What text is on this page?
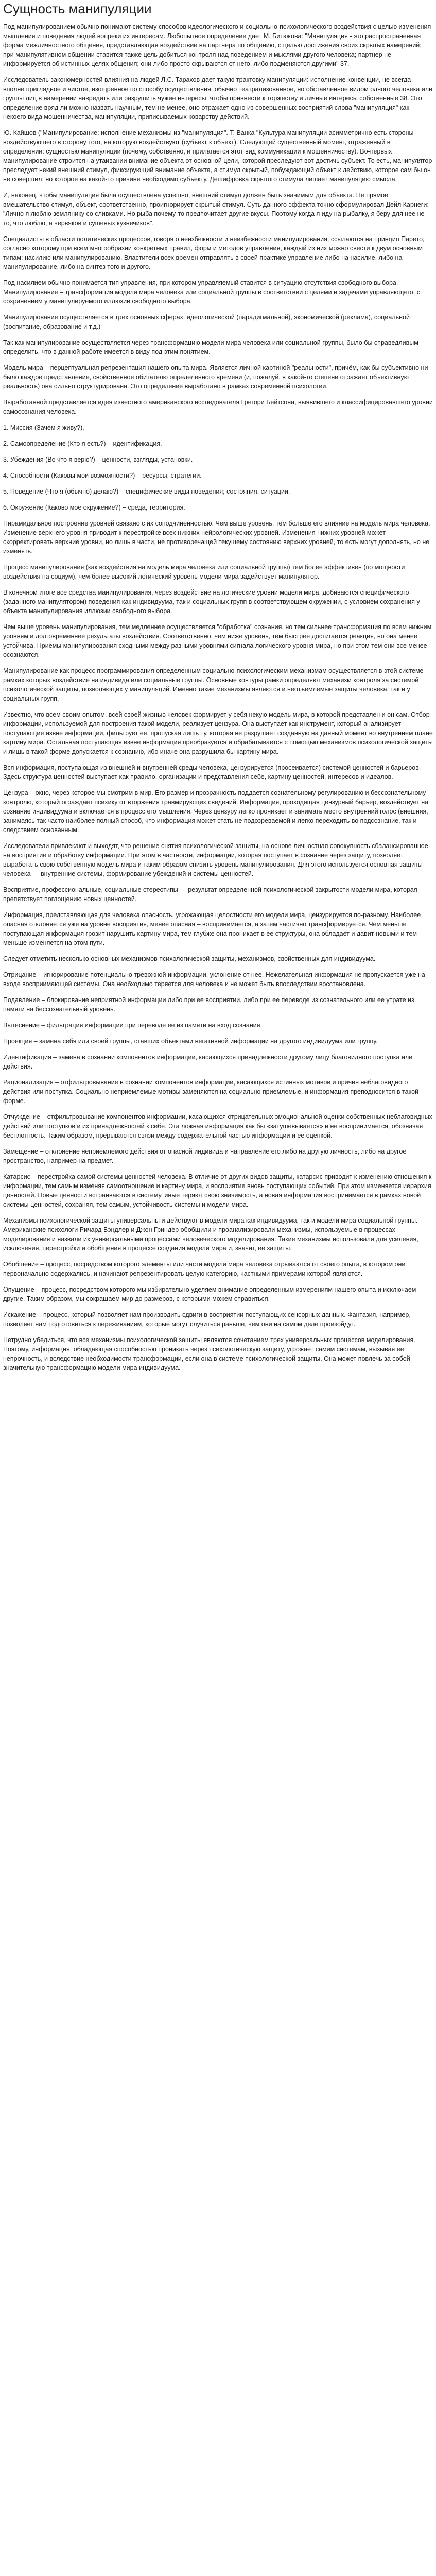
Сущность манипуляции

Под манипулированием обычно понимают систему способов идеологического и социально-психологического воздействия с целью изменения мышления и поведения людей вопреки их интересам. Любопытное определение дает М. Битюкова: "Манипуляция - это распространенная форма межличностного общения, представляющая воздействие на партнера по общению, с целью достижения своих скрытых намерений; при манипулятивном общении ставится также цель добиться контроля над поведением и мыслями другого человека; партнер не информируется об истинных целях общения; они либо просто скрываются от него, либо подменяются другими" 37.

Исследователь закономерностей влияния на людей Л.С. Тарахов дает такую трактовку манипуляции: исполнение конвенции, не всегда вполне приглядное и чистое, изощренное по способу осуществления, обычно театрализованное, но обставленное видом одного человека или группы лиц в намерении навредить или разрушить чужие интересы, чтобы привнести к торжеству и личные интересы собственные 38. Это определение вряд ли можно назвать научным, тем не менее, оно отражает одно из совершенных восприятий слова "манипуляция" как некоего вида мошенничества, манипуляции, приписываемых коварству действий.

Ю. Кайшов ("Манипулирование: исполнение механизмы из "манипуляция". Т. Ванка "Культура манипуляции асимметрично есть стороны воздействующего в сторону того, на которую воздействуют (субъект к объект). Следующей существенный момент, отраженный в определении: сущностью манипуляции (почему, собственно, и прилагается этот вид коммуникации к мошенничеству). Во-первых манипулирование строится на утаивании внимание объекта от основной цели, которой преследуют вот достичь субъект. То есть, манипулятор преследует некий внешний стимул, фиксирующий внимание объекта, а стимул скрытый, побуждающий объект к действию, которое сам бы он не совершил, но которое на какой-то причине необходимо субъекту. Дешифровка скрытого стимула лишает манипуляцию смысла.

И, наконец, чтобы манипуляция была осуществлена успешно, внешний стимул должен быть значимым для объекта. Не прямое вмешательство стимул, объект, соответственно, проигнорирует скрытый стимул. Суть данного эффекта точно сформулировал Дейл Карнеги: "Лично я люблю землянику со сливками. Но рыба почему-то предпочитает другие вкусы. Поэтому когда я иду на рыбалку, я беру для нее не то, что люблю, а червяков и сушеных кузнечиков".

Специалисты в области политических процессов, говоря о неизбежности и неизбежности манипулирования, ссылаются на принцип Парето, согласно которому при всем многообразии конкретных правил, форм и методов управления, каждый из них можно свести к двум основным типам: насилию или манипулированию. Властители всех времен отправлять в своей практике управление либо на насилие, либо на манипулирование, либо на синтез того и другого.

Под насилием обычно понимается тип управления, при котором управляемый ставится в ситуацию отсутствия свободного выбора. Манипулирование – трансформация модели мира человека или социальной группы в соответствии с целями и задачами управляющего, с сохранением у манипулируемого иллюзии свободного выбора.

Манипулирование осуществляется в трех основных сферах: идеологической (парадигмальной), экономической (реклама), социальной (воспитание, образование и т.д.)

Так как манипулирование осуществляется через трансформацию модели мира человека или социальной группы, было бы справедливым определить, что в данной работе имеется в виду под этим понятием.

Модель мира – перцептуальная репрезентация нашего опыта мира. Является личной картиной "реальности", причём, как бы субъективно ни было каждое представление, свойственное обитателю определенного времени (и, пожалуй, в какой-то степени отражает объективную реальность) она сильно структурирована. Это определение выработано в рамках современной психологии.

Выработанной представляется идея известного американского исследователя Грегори Бейтсона, выявившего и классифицировавшего уровни самосознания человека.

1. Миссия (Зачем я живу?).

2. Самоопределение (Кто я есть?) – идентификация.

3. Убеждения (Во что я верю?) – ценности, взгляды, установки.

4. Способности (Каковы мои возможности?) – ресурсы, стратегии.

5. Поведение (Что я (обычно) делаю?) – специфические виды поведения; состояния, ситуации.

6. Окружение (Каково мое окружение?) – среда, территория.

Пирамидальное построение уровней связано с их соподчиненностью. Чем выше уровень, тем больше его влияние на модель мира человека. Изменение верхнего уровня приводит к перестройке всех нижних нейрологических уровней. Изменения нижних уровней может скорректировать верхние уровни, но лишь в части, не противоречащей текущему состоянию верхних уровней, то есть могут дополнять, но не изменять.

Процесс манипулирования (как воздействия на модель мира человека или социальной группы) тем более эффективен (по мощности воздействия на социум), чем более высокий логический уровень модели мира задействует манипулятор.

В конечном итоге все средства манипулирования, через воздействие на логические уровни модели мира, добиваются специфического (заданного манипулятором) поведения как индивидуума, так и социальных групп в соответствующем окружении, с условием сохранения у объекта манипулирования иллюзии свободного выбора.

Чем выше уровень манипулирования, тем медленнее осуществляется "обработка" сознания, но тем сильнее трансформация по всем нижним уровням и долговременнее результаты воздействия. Соответственно, чем ниже уровень, тем быстрее достигается реакция, но она менее устойчива. Приёмы манипулирования сходными между разными уровнями сигнала логического уровня мира, но при этом тем они все менее осознаются.

Манипулирование как процесс программирования определенным социально-психологическим механизмам осуществляется в этой системе рамках которых воздействие на индивида или социальные группы. Основные контуры рамки определяют механизм контроля за системой психологической защиты, позволяющих у манипуляций. Именно такие механизмы являются и неотъемлемые защиты человека, так и у социальных групп.

Известно, что всем своим опытом, всей своей жизнью человек формирует у себя некую модель мира, в которой представлен и он сам. Отбор информации, используемой для построения такой модели, реализует цензура. Она выступает как инструмент, который анализирует поступающие извне информации, фильтрует ее, пропуская лишь ту, которая не разрушает созданную на данный момент во внутреннем плане картину мира. Остальная поступающая извне информация преобразуется и обрабатывается с помощью механизмов психологической защиты и лишь в такой форме допускается к сознанию, ибо иначе она разрушила бы картину мира.

Вся информация, поступающая из внешней и внутренней среды человека, цензурируется (просеивается) системой ценностей и барьеров. Здесь структура ценностей выступает как правило, организации и представления себе, картину ценностей, интересов и идеалов.

Цензура – окно, через которое мы смотрим в мир. Его размер и прозрачность поддается сознательному регулированию и бессознательному контролю, который ограждает психику от вторжения травмирующих сведений. Информация, проходящая цензурный барьер, воздействует на сознание индивидуума и включается в процесс его мышления. Через цензуру легко проникает и занимать место внутренний голос (внешняя, занимаясь так часто наиболее полный способ, что информация может стать не подозреваемой и легко переходить во подсознание, так и следствием основанным.

Исследователи привлекают и выходят, что решение снятия психологической защиты, на основе личностная совокупность сбалансированное на восприятие и обработку информации. При этом в частности, информации, которая поступает в сознание через защиту, позволяет выработать свою собственную модель мира и таким образом снизить уровень манипулирования. Для этого используется основная защиты человека — внутренние системы, формирование убеждений и системы ценностей.

Восприятие, профессиональные, социальные стереотипы — результат определенной психологической закрытости модели мира, которая препятствует поглощению новых ценностей.

Информация, представляющая для человека опасность, угрожающая целостности его модели мира, цензурируется по-разному. Наиболее опасная отклоняется уже на уровне восприятия, менее опасная – воспринимается, а затем частично трансформируется. Чем меньше поступающая информация грозит нарушить картину мира, тем глубже она проникает в ее структуры, она обладает и давит новыми и тем меньше изменяется на этом пути.

Следует отметить несколько основных механизмов психологической защиты, механизмов, свойственных для индивидуума.

Отрицание – игнорирование потенциально тревожной информации, уклонение от нее. Нежелательная информация не пропускается уже на входе восприимающей системы. Она необходимо теряется для человека и не может быть впоследствии восстановлена.

Подавление – блокирование неприятной информации либо при ее восприятии, либо при ее переводе из сознательного или ее утрате из памяти на бессознательный уровень.

Вытеснение – фильтрация информации при переводе ее из памяти на вход сознания.

Проекция – замена себя или своей группы, ставших объектами негативной информации на другого индивидуума или группу.

Идентификация – замена в сознании компонентов информации, касающихся принадлежности другому лицу благовидного поступка или действия.

Рационализация – отфильтровывание в сознании компонентов информации, касающихся истинных мотивов и причин неблаговидного действия или поступка. Социально неприемлемые мотивы заменяются на социально приемлемые, и информация преподносится в такой форме.

Отчуждение – отфильтровывание компонентов информации, касающихся отрицательных эмоциональной оценки собственных неблаговидных действий или поступков и их принадлежностей к себе. Эта ложная информация как бы «затушевывается» и не воспринимается, обозначая бесплотность. Таким образом, прерываются связи между содержательной частью информации и ее оценкой.

Замещение – отклонение неприемлемого действия от опасной индивида и направление его либо на другую личность, либо на другое пространство, например на предмет.

Катарсис – перестройка самой системы ценностей человека. В отличие от других видов защиты, катарсис приводит к изменению отношения к информации, тем самым изменяя самоотношение и картину мира, и восприятие вновь поступающих событий. При этом изменяется иерархия ценностей. Новые ценности встраиваются в систему, иные теряют свою значимость, а новая информация воспринимается в рамках новой системы ценностей, сохраняя, тем самым, устойчивость системы и модели мира.

Механизмы психологической защиты универсальны и действуют в модели мира как индивидуума, так и модели мира социальной группы. Американские психологи Ричард Бэндлер и Джон Гриндер обобщили и проанализировали механизмы, используемые в процессах моделирования и назвали их универсальными процессами человеческого моделирования. Такие механизмы использовали для усиления, исключения, перестройки и обобщения в процессе создания модели мира и, значит, её защиты.

Обобщение – процесс, посредством которого элементы или части модели мира человека отрываются от своего опыта, в котором они первоначально содержались, и начинают репрезентировать целую категорию, частными примерами которой являются.

Опущение – процесс, посредством которого мы избирательно уделяем внимание определенным измерениям нашего опыта и исключаем другие. Таким образом, мы сокращаем мир до размеров, с которыми можем справиться.

Искажение – процесс, который позволяет нам производить сдвиги в восприятии поступающих сенсорных данных. Фантазия, например, позволяет нам подготовиться к переживаниям, которые могут случиться раньше, чем они на самом деле произойдут.

Нетрудно убедиться, что все механизмы психологической защиты являются сочетанием трех универсальных процессов моделирования. Поэтому, информация, обладающая способностью проникать через психологическую защиту, угрожает самим системам, вызывая ее непрочность, и вследствие необходимости трансформации, если она в системе психологической защиты. Она может повлечь за собой значительную трансформацию модели мира индивидуума.
